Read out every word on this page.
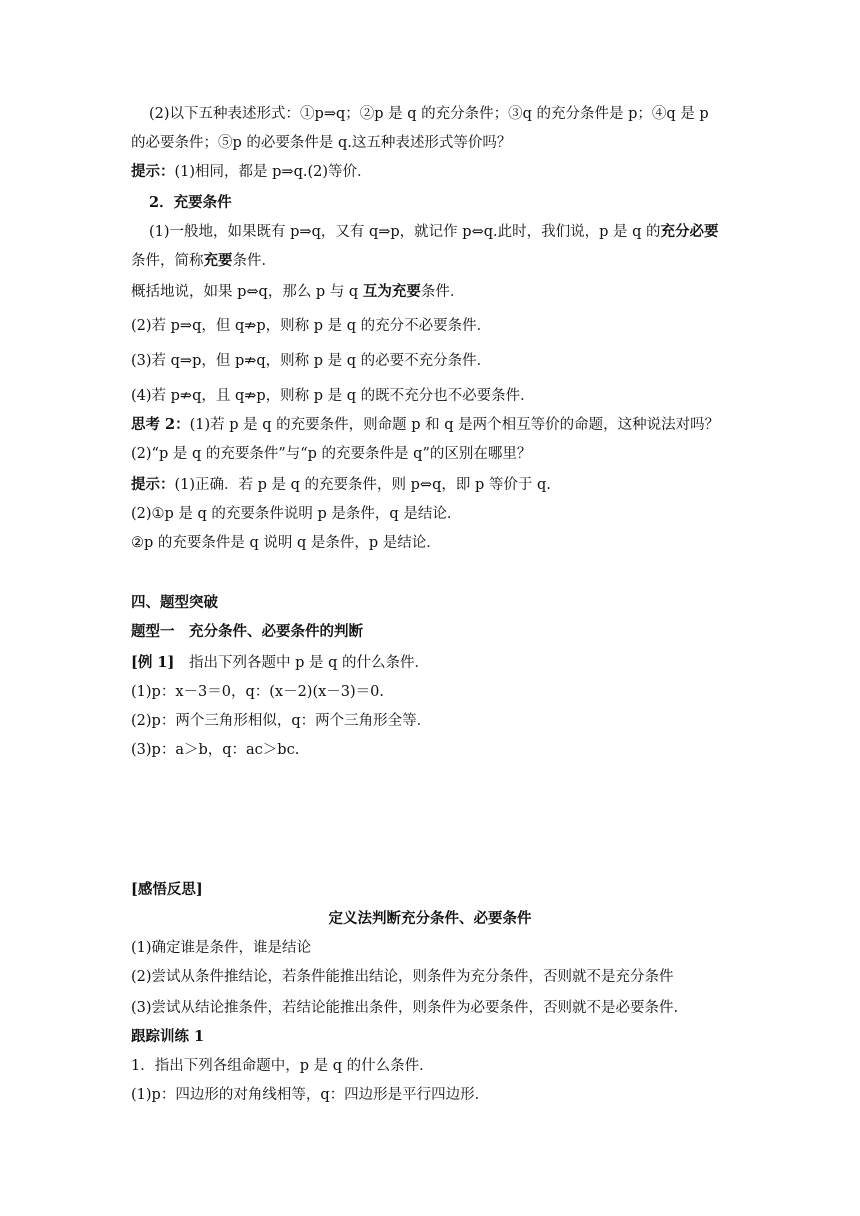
(2)以下五种表述形式：①p⇒q；②p 是 q 的充分条件；③q 的充分条件是 p；④q 是 p
的必要条件；⑤p 的必要条件是 q.这五种表述形式等价吗？
提示：(1)相同，都是 p⇒q.(2)等价．
2．充要条件
(1)一般地，如果既有 p⇒q，又有 q⇒p，就记作 p⇔q.此时，我们说，p 是 q 的充分必要
条件，简称充要条件．
概括地说，如果 p⇔q，那么 p 与 q 互为充要条件．
(2)若 p⇒q，但 q⇏p，则称 p 是 q 的充分不必要条件．
(3)若 q⇒p，但 p⇏q，则称 p 是 q 的必要不充分条件．
(4)若 p⇏q，且 q⇏p，则称 p 是 q 的既不充分也不必要条件．
思考 2：(1)若 p 是 q 的充要条件，则命题 p 和 q 是两个相互等价的命题，这种说法对吗？
(2)“p 是 q 的充要条件”与“p 的充要条件是 q”的区别在哪里？
提示：(1)正确．若 p 是 q 的充要条件，则 p⇔q，即 p 等价于 q.
(2)①p 是 q 的充要条件说明 p 是条件，q 是结论．
②p 的充要条件是 q 说明 q 是条件，p 是结论．
四、题型突破
题型一　充分条件、必要条件的判断
[例 1] 指出下列各题中 p 是 q 的什么条件．
(1)p：x－3＝0，q：(x－2)(x－3)＝0.
(2)p：两个三角形相似，q：两个三角形全等．
(3)p：a＞b，q：ac＞bc.
[感悟反思]
定义法判断充分条件、必要条件
(1)确定谁是条件，谁是结论
(2)尝试从条件推结论，若条件能推出结论，则条件为充分条件，否则就不是充分条件
(3)尝试从结论推条件，若结论能推出条件，则条件为必要条件，否则就不是必要条件.
跟踪训练 1
1．指出下列各组命题中，p 是 q 的什么条件．
(1)p：四边形的对角线相等，q：四边形是平行四边形．
